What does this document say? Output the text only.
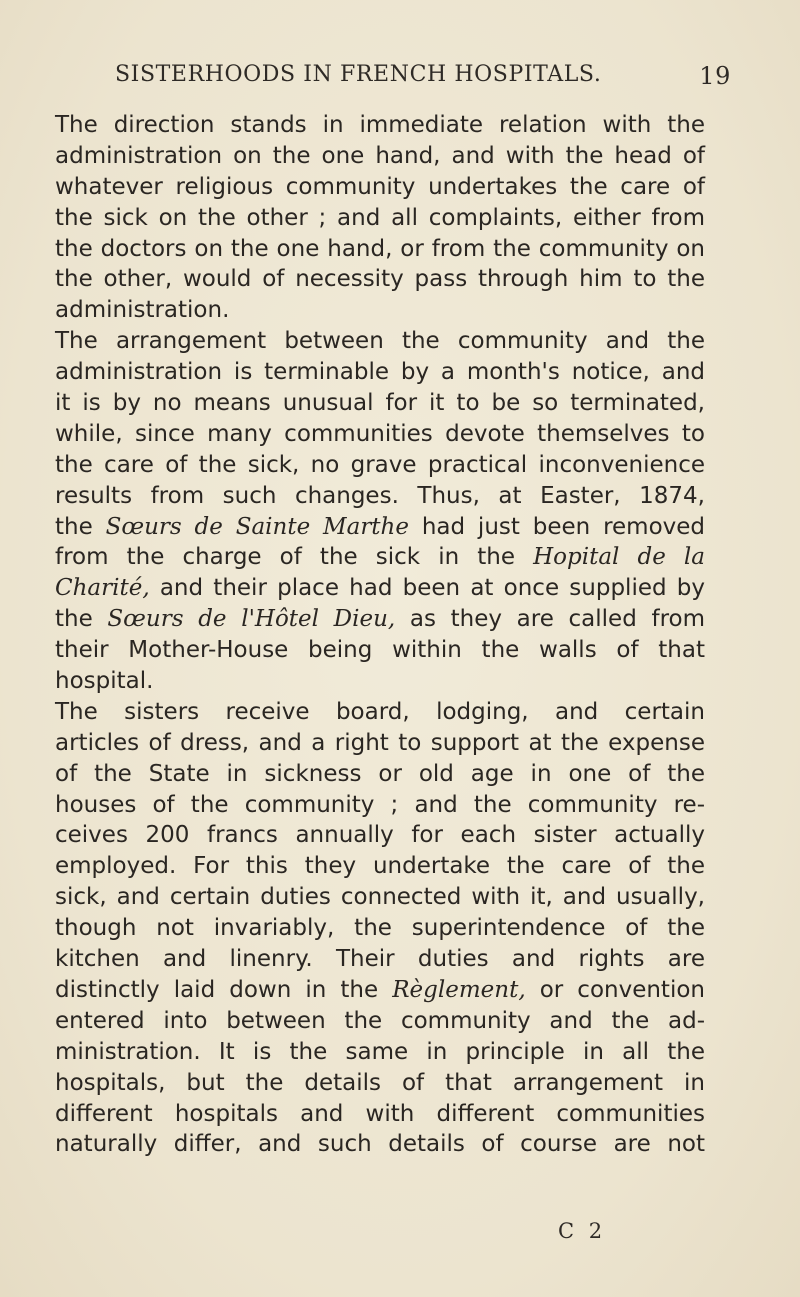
SISTERHOODS IN FRENCH HOSPITALS.	19
The direction stands in immediate relation with the
administration on the one hand, and with the head of
whatever religious community undertakes the care of
the sick on the other ; and all complaints, either from
the doctors on the one hand, or from the community on
the other, would of necessity pass through him to the
administration.
The arrangement between the community and the
administration is terminable by a month's notice, and
it is by no means unusual for it to be so terminated,
while, since many communities devote themselves to
the care of the sick, no grave practical inconvenience
results from such changes. Thus, at Easter, 1874,
the Sœurs de Sainte Marthe had just been removed
from the charge of the sick in the Hopital de la
Charité, and their place had been at once supplied by
the Sœurs de l'Hôtel Dieu, as they are called from
their Mother-House being within the walls of that
hospital.
The sisters receive board, lodging, and certain
articles of dress, and a right to support at the expense
of the State in sickness or old age in one of the
houses of the community ; and the community re-
ceives 200 francs annually for each sister actually
employed. For this they undertake the care of the
sick, and certain duties connected with it, and usually,
though not invariably, the superintendence of the
kitchen and linenry. Their duties and rights are
distinctly laid down in the Règlement, or convention
entered into between the community and the ad-
ministration. It is the same in principle in all the
hospitals, but the details of that arrangement in
different hospitals and with different communities
naturally differ, and such details of course are not
C 2
